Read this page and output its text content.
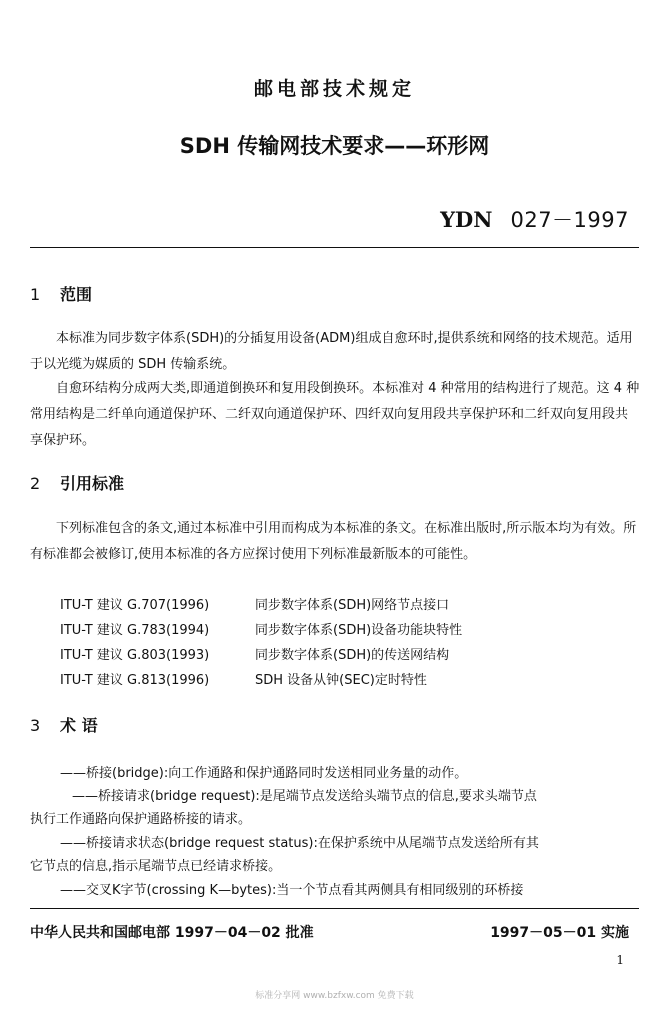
邮电部技术规定
SDH 传输网技术要求——环形网
YDN 027－1997
1 范围
本标准为同步数字体系(SDH)的分插复用设备(ADM)组成自愈环时,提供系统和网络的技术规范。适用于以光缆为媒质的 SDH 传输系统。
自愈环结构分成两大类,即通道倒换环和复用段倒换环。本标准对 4 种常用的结构进行了规范。这 4 种常用结构是二纤单向通道保护环、二纤双向通道保护环、四纤双向复用段共享保护环和二纤双向复用段共享保护环。
2 引用标准
下列标准包含的条文,通过本标准中引用而构成为本标准的条文。在标准出版时,所示版本均为有效。所有标准都会被修订,使用本标准的各方应探讨使用下列标准最新版本的可能性。
ITU-T 建议 G.707(1996)	同步数字体系(SDH)网络节点接口
ITU-T 建议 G.783(1994)	同步数字体系(SDH)设备功能块特性
ITU-T 建议 G.803(1993)	同步数字体系(SDH)的传送网结构
ITU-T 建议 G.813(1996)	SDH 设备从钟(SEC)定时特性
3 术 语
——桥接(bridge):向工作通路和保护通路同时发送相同业务量的动作。
——桥接请求(bridge request):是尾端节点发送给头端节点的信息,要求头端节点
执行工作通路向保护通路桥接的请求。
——桥接请求状态(bridge request status):在保护系统中从尾端节点发送给所有其
它节点的信息,指示尾端节点已经请求桥接。
——交叉K字节(crossing K—bytes):当一个节点看其两侧具有相同级别的环桥接
中华人民共和国邮电部 1997－04－02 批准	1997－05－01 实施
1
标准分享网 www.bzfxw.com 免费下载
